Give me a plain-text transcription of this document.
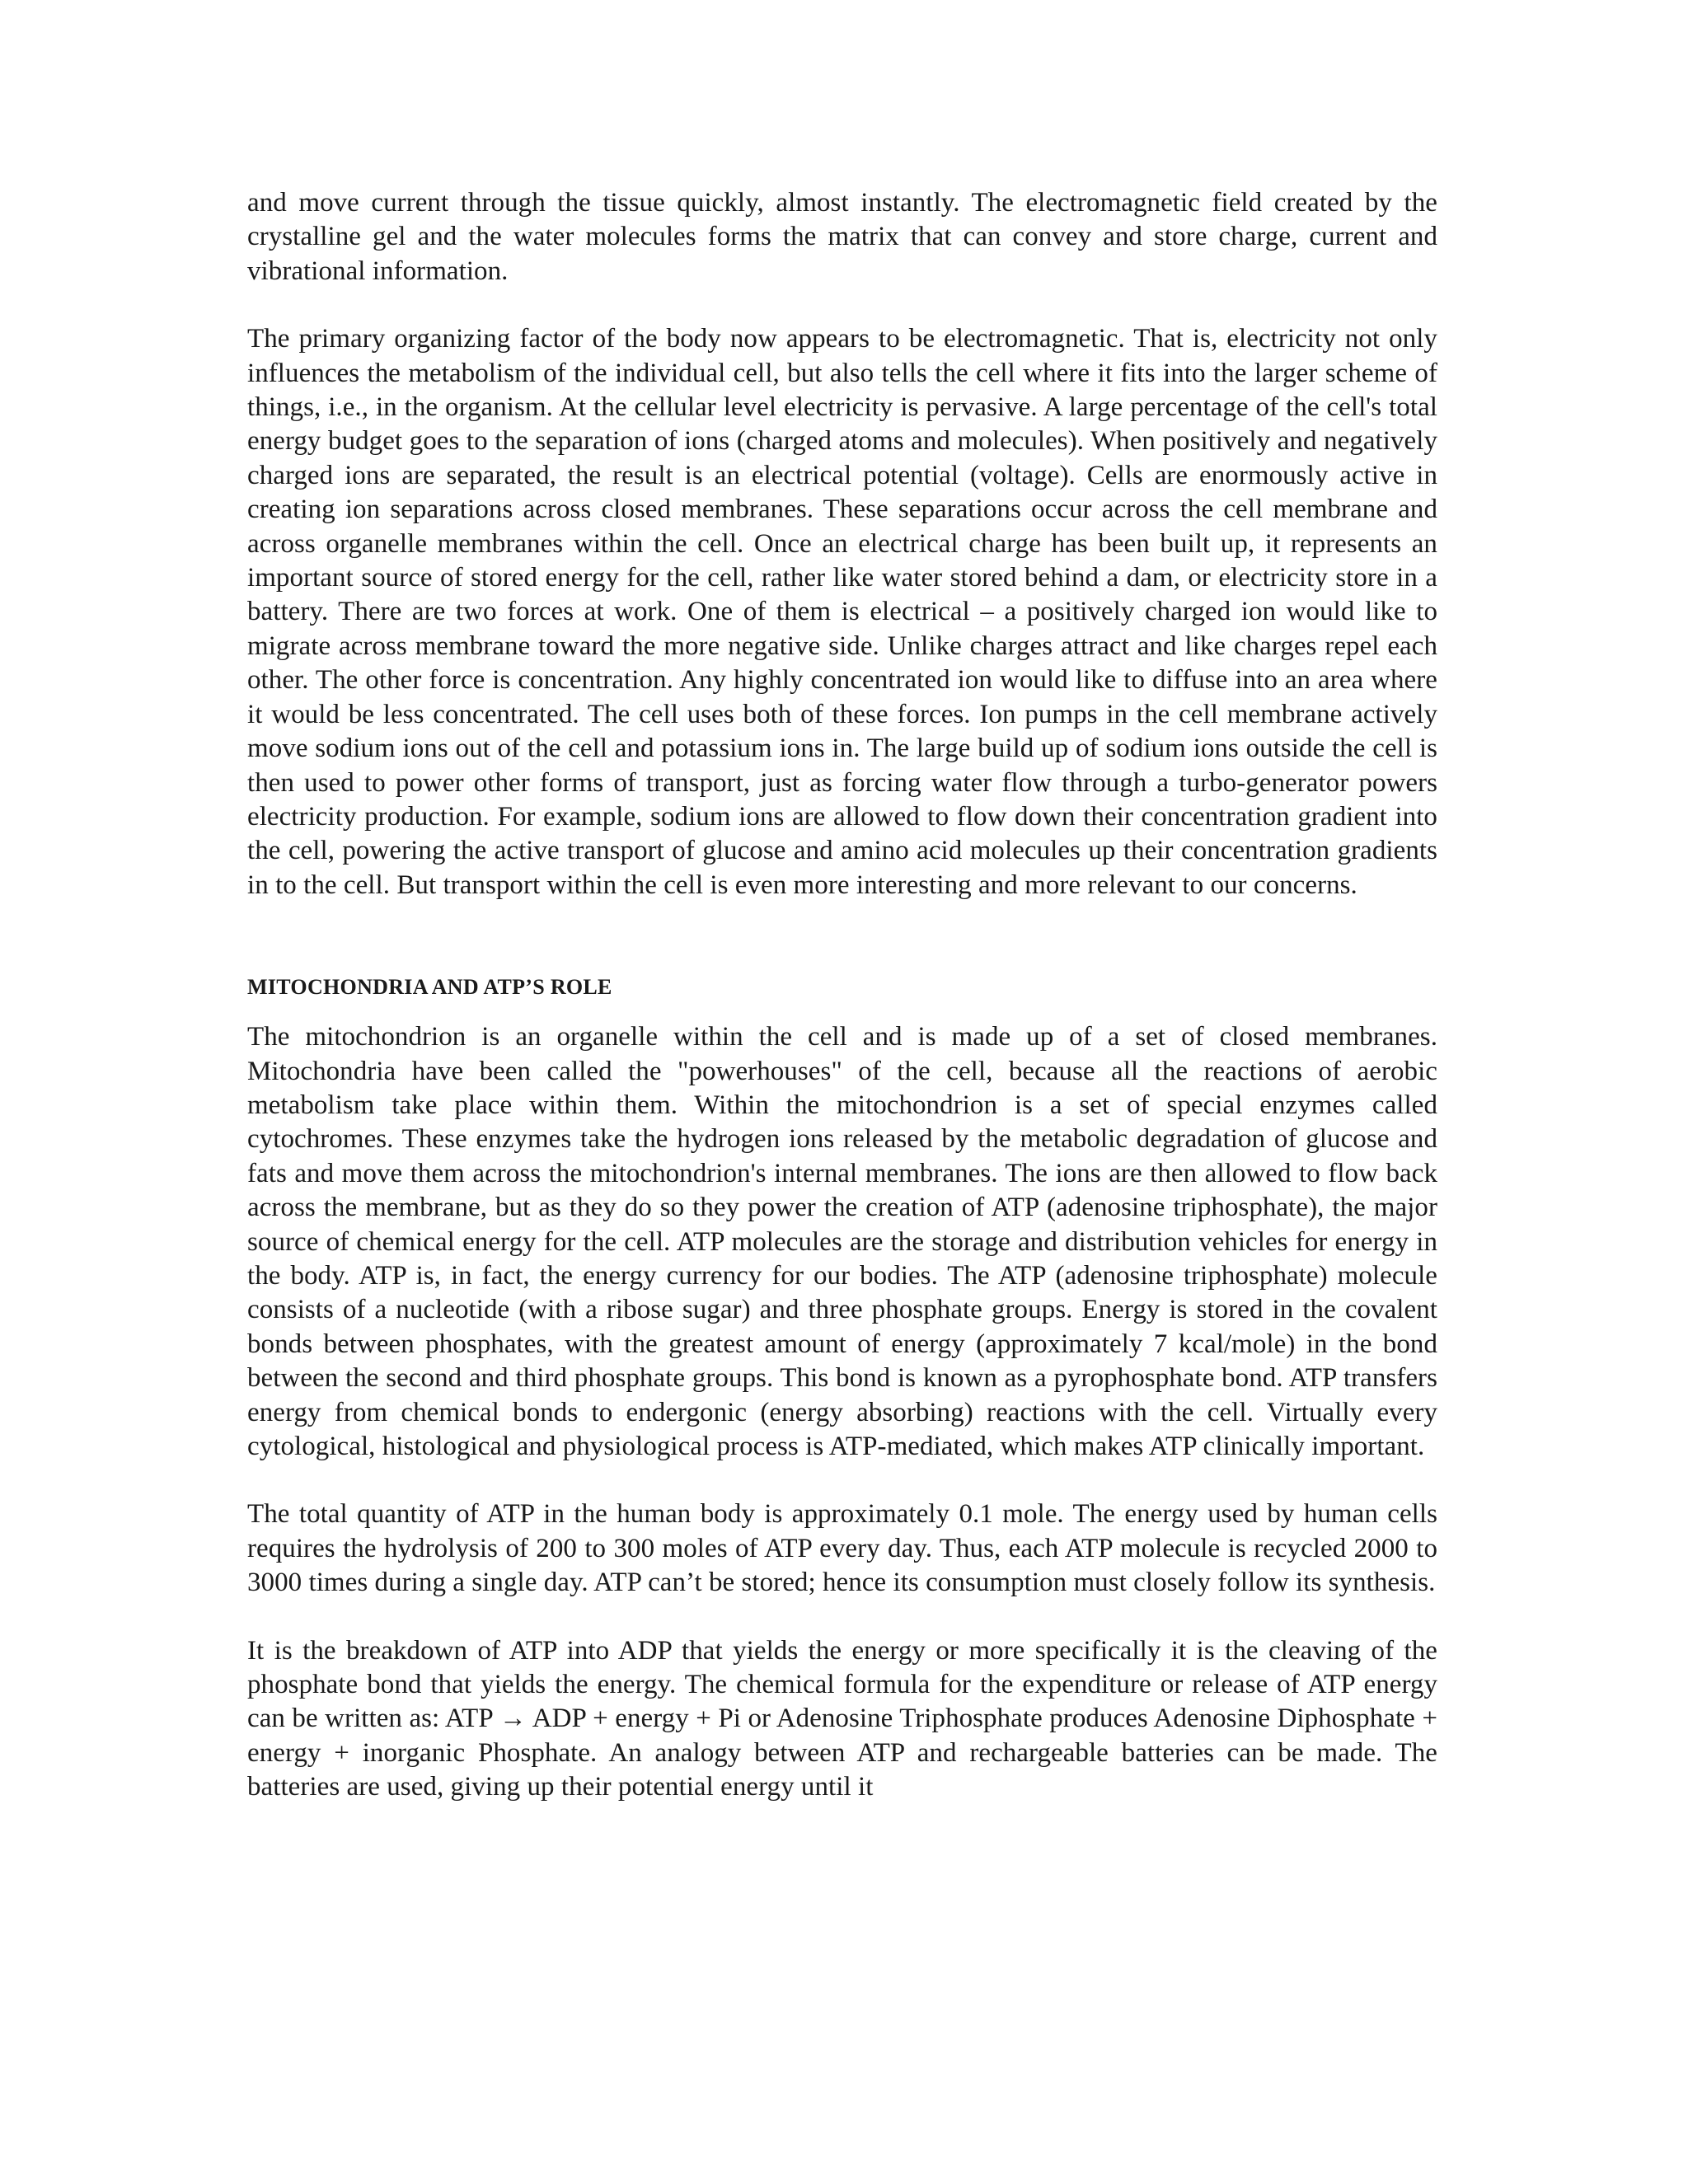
and move current through the tissue quickly, almost instantly. The electromagnetic field created by the crystalline gel and the water molecules forms the matrix that can convey and store charge, current and vibrational information.

The primary organizing factor of the body now appears to be electromagnetic. That is, electricity not only influences the metabolism of the individual cell, but also tells the cell where it fits into the larger scheme of things, i.e., in the organism. At the cellular level electricity is pervasive. A large percentage of the cell's total energy budget goes to the separation of ions (charged atoms and molecules). When positively and negatively charged ions are separated, the result is an electrical potential (voltage). Cells are enormously active in creating ion separations across closed membranes. These separations occur across the cell membrane and across organelle membranes within the cell. Once an electrical charge has been built up, it represents an important source of stored energy for the cell, rather like water stored behind a dam, or electricity store in a battery. There are two forces at work. One of them is electrical – a positively charged ion would like to migrate across membrane toward the more negative side. Unlike charges attract and like charges repel each other. The other force is concentration. Any highly concentrated ion would like to diffuse into an area where it would be less concentrated. The cell uses both of these forces. Ion pumps in the cell membrane actively move sodium ions out of the cell and potassium ions in. The large build up of sodium ions outside the cell is then used to power other forms of transport, just as forcing water flow through a turbo-generator powers electricity production. For example, sodium ions are allowed to flow down their concentration gradient into the cell, powering the active transport of glucose and amino acid molecules up their concentration gradients in to the cell. But transport within the cell is even more interesting and more relevant to our concerns.

MITOCHONDRIA AND ATP’S ROLE

The mitochondrion is an organelle within the cell and is made up of a set of closed membranes. Mitochondria have been called the "powerhouses" of the cell, because all the reactions of aerobic metabolism take place within them. Within the mitochondrion is a set of special enzymes called cytochromes. These enzymes take the hydrogen ions released by the metabolic degradation of glucose and fats and move them across the mitochondrion's internal membranes. The ions are then allowed to flow back across the membrane, but as they do so they power the creation of ATP (adenosine triphosphate), the major source of chemical energy for the cell. ATP molecules are the storage and distribution vehicles for energy in the body. ATP is, in fact, the energy currency for our bodies. The ATP (adenosine triphosphate) molecule consists of a nucleotide (with a ribose sugar) and three phosphate groups. Energy is stored in the covalent bonds between phosphates, with the greatest amount of energy (approximately 7 kcal/mole) in the bond between the second and third phosphate groups. This bond is known as a pyrophosphate bond. ATP transfers energy from chemical bonds to endergonic (energy absorbing) reactions with the cell. Virtually every cytological, histological and physiological process is ATP-mediated, which makes ATP clinically important.

The total quantity of ATP in the human body is approximately 0.1 mole. The energy used by human cells requires the hydrolysis of 200 to 300 moles of ATP every day. Thus, each ATP molecule is recycled 2000 to 3000 times during a single day. ATP can’t be stored; hence its consumption must closely follow its synthesis.

It is the breakdown of ATP into ADP that yields the energy or more specifically it is the cleaving of the phosphate bond that yields the energy. The chemical formula for the expenditure or release of ATP energy can be written as: ATP → ADP + energy + Pi or Adenosine Triphosphate produces Adenosine Diphosphate + energy + inorganic Phosphate. An analogy between ATP and rechargeable batteries can be made. The batteries are used, giving up their potential energy until it
